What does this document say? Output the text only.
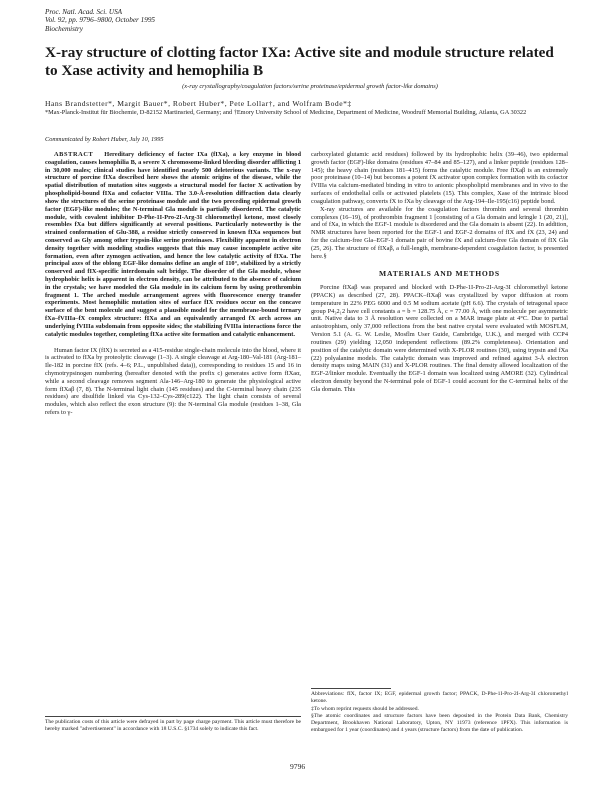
Proc. Natl. Acad. Sci. USA
Vol. 92, pp. 9796–9800, October 1995
Biochemistry
X-ray structure of clotting factor IXa: Active site and module structure related to Xase activity and hemophilia B
(x-ray crystallography/coagulation factors/serine proteinase/epidermal growth factor-like domains)
Hans Brandstetter*, Margit Bauer*, Robert Huber*, Pete Lollar†, and Wolfram Bode*‡
*Max-Planck-Institut für Biochemie, D-82152 Martinsried, Germany; and †Emory University School of Medicine, Department of Medicine, Woodruff Memorial Building, Atlanta, GA 30322
Communicated by Robert Huber, July 10, 1995

ABSTRACT Hereditary deficiency of factor IXa (fIXa), a key enzyme in blood coagulation, causes hemophilia B, a severe X chromosome-linked bleeding disorder afflicting 1 in 30,000 males; clinical studies have identified nearly 500 deleterious variants. The x-ray structure of porcine fIXa described here shows the atomic origins of the disease, while the spatial distribution of mutation sites suggests a structural model for factor X activation by phospholipid-bound fIXa and cofactor VIIIa. The 3.0-Å-resolution diffraction data clearly show the structures of the serine proteinase module and the two preceding epidermal growth factor (EGF)-like modules; the N-terminal Gla module is partially disordered. The catalytic module, with covalent inhibitor D-Phe-1I-Pro-2I-Arg-3I chloromethyl ketone, most closely resembles fXa but differs significantly at several positions. Particularly noteworthy is the strained conformation of Glu-388, a residue strictly conserved in known fIXa sequences but conserved as Gly among other trypsin-like serine proteinases. Flexibility apparent in electron density together with modeling studies suggests that this may cause incomplete active site formation, even after zymogen activation, and hence the low catalytic activity of fIXa. The principal axes of the oblong EGF-like domains define an angle of 110°, stabilized by a strictly conserved and fIX-specific interdomain salt bridge. The disorder of the Gla module, whose hydrophobic helix is apparent in electron density, can be attributed to the absence of calcium in the crystals; we have modeled the Gla module in its calcium form by using prothrombin fragment 1. The arched module arrangement agrees with fluorescence energy transfer experiments. Most hemophilic mutation sites of surface fIX residues occur on the concave surface of the bent molecule and suggest a plausible model for the membrane-bound ternary fXa–fVIIIa–fX complex structure: fIXa and an equivalently arranged fX arch across an underlying fVIIIa subdomain from opposite sides; the stabilizing fVIIIa interactions force the catalytic modules together, completing fIXa active site formation and catalytic enhancement.

Human factor IX (fIX) is secreted as a 415-residue single-chain molecule into the blood, where it is activated to fIXa by proteolytic cleavage (1–3). A single cleavage at Arg-180–Val-181 (Arg-181–Ile-182 in porcine fIX (refs. 4–6; P.L., unpublished data)), corresponding to residues 15 and 16 in chymotrypsinogen numbering (hereafter denoted with the prefix c) generates active form fIXaα, while a second cleavage removes segment Ala-146–Arg-180 to generate the physiological active form fIXaβ (7, 8). The N-terminal light chain (145 residues) and the C-terminal heavy chain (235 residues) are disulfide linked via Cys-132–Cys-289(c122). The light chain consists of several modules, which also reflect the exon structure (9): the N-terminal Gla module (residues 1–38, Gla refers to γ-

The publication costs of this article were defrayed in part by page charge payment. This article must therefore be hereby marked "advertisement" in accordance with 18 U.S.C. §1734 solely to indicate this fact.

carboxylated glutamic acid residues) followed by its hydrophobic helix (39–46), two epidermal growth factor (EGF)-like domains (residues 47–84 and 85–127), and a linker peptide (residues 128–145); the heavy chain (residues 181–415) forms the catalytic module. Free fIXaβ is an extremely poor proteinase (10–14) but becomes a potent fX activator upon complex formation with its cofactor fVIIIa via calcium-mediated binding in vitro to anionic phospholipid membranes and in vivo to the surfaces of endothelial cells or activated platelets (15). This complex, Xase of the intrinsic blood coagulation pathway, converts fX to fXa by cleavage of the Arg-194–Ile-195(c16) peptide bond.

X-ray structures are available for the coagulation factors thrombin and several thrombin complexes (16–19), of prothrombin fragment 1 [consisting of a Gla domain and kringle 1 (20, 21)], and of fXa, in which the EGF-1 module is disordered and the Gla domain is absent (22). In addition, NMR structures have been reported for the EGF-1 and EGF-2 domains of fIX and fX (23, 24) and for the calcium-free Gla–EGF-1 domain pair of bovine fX and calcium-free Gla domain of fIX Gla (25, 26). The structure of fIXaβ, a full-length, membrane-dependent coagulation factor, is presented here.§

MATERIALS AND METHODS

Porcine fIXaβ was prepared and blocked with D-Phe-1I-Pro-2I-Arg-3I chloromethyl ketone (PPACK) as described (27, 28). PPACK–fIXaβ was crystallized by vapor diffusion at room temperature in 22% PEG 6000 and 0.5 M sodium acetate (pH 6.6). The crystals of tetragonal space group P4₃2₁2 have cell constants a = b = 128.75 Å, c = 77.00 Å, with one molecule per asymmetric unit. Native data to 3 Å resolution were collected on a MAR image plate at 4°C. Due to partial anisotrophism, only 37,000 reflections from the best native crystal were evaluated with MOSFLM, Version 5.1 (A. G. W. Leslie, Mosflm User Guide, Cambridge, U.K.), and merged with CCP4 routines (29) yielding 12,050 independent reflections (89.2% completeness). Orientation and position of the catalytic domain were determined with X-PLOR routines (30), using trypsin and fXa (22) polyalanine models. The catalytic domain was improved and refined against 3-Å electron density maps using MAIN (31) and X-PLOR routines. The final density allowed localization of the EGF-2/linker module. Eventually the EGF-1 domain was localized using AMORE (32). Cylindrical electron density beyond the N-terminal pole of EGF-1 could account for the C-terminal helix of the Gla domain. This

Abbreviations: fIX, factor IX; EGF, epidermal growth factor; PPACK, D-Phe-1I-Pro-2I-Arg-3I chloromethyl ketone.
‡To whom reprint requests should be addressed.
§The atomic coordinates and structure factors have been deposited in the Protein Data Bank, Chemistry Department, Brookhaven National Laboratory, Upton, NY 11973 (reference 1PFX). This information is embargoed for 1 year (coordinates) and 4 years (structure factors) from the date of publication.
9796
